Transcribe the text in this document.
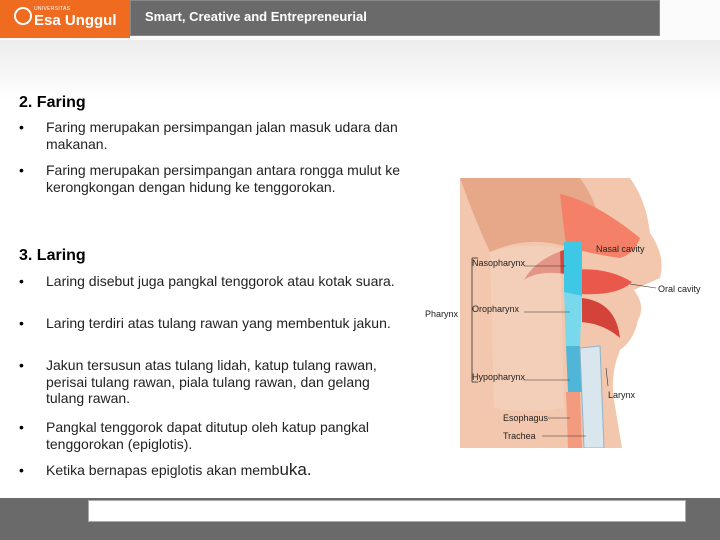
UNIVERSITAS
Esa Unggul Smart, Creative and Entrepreneurial
2. Faring
• Faring merupakan persimpangan jalan masuk udara dan makanan.
• Faring merupakan persimpangan antara rongga mulut ke kerongkongan dengan hidung ke tenggorokan.
3. Laring
• Laring disebut juga pangkal tenggorok atau kotak suara.
• Laring terdiri atas tulang rawan yang membentuk jakun.
• Jakun tersusun atas tulang lidah, katup tulang rawan, perisai tulang rawan, piala tulang rawan, dan gelang tulang rawan.
• Pangkal tenggorok dapat ditutup oleh katup pangkal tenggorokan (epiglotis).
• Ketika bernapas epiglotis akan membuka.
Nasal cavity
Nasopharynx
Oral cavity
Pharynx Oropharynx
Hypopharynx
Larynx
Esophagus
Trachea
